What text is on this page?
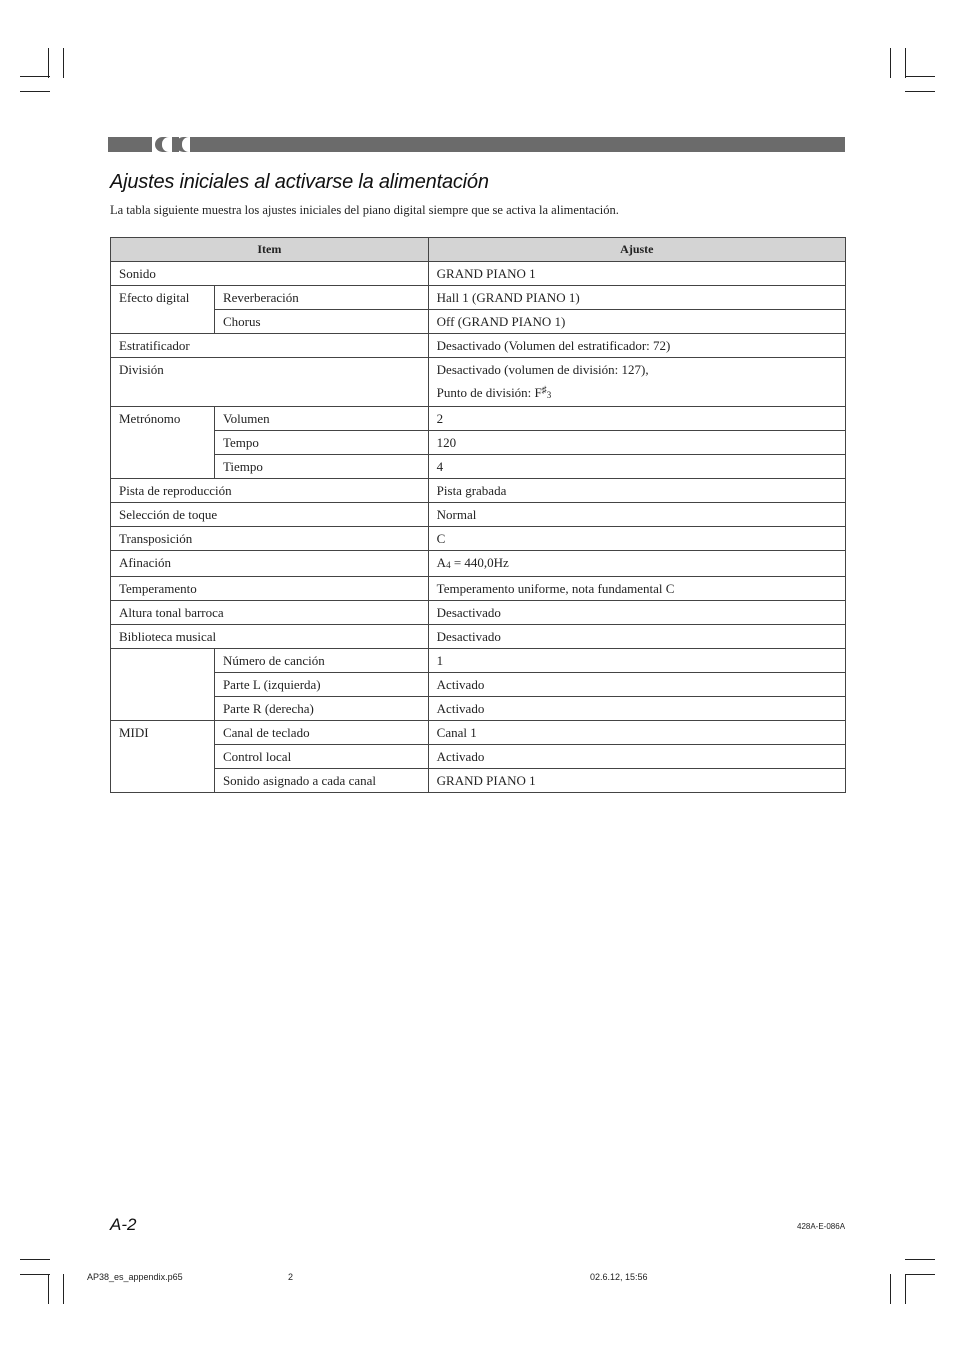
Ajustes iniciales al activarse la alimentación

La tabla siguiente muestra los ajustes iniciales del piano digital siempre que se activa la alimentación.

Item		Ajuste
Sonido		GRAND PIANO 1
Efecto digital	Reverberación	Hall 1 (GRAND PIANO 1)
	Chorus	Off (GRAND PIANO 1)
Estratificador		Desactivado (Volumen del estratificador: 72)
División		Desactivado (volumen de división: 127),
Punto de división: $F^♯_3$

Metrónomo	Volumen	2
	Tempo	120
	Tiempo	4
Pista de reproducción		Pista grabada
Selección de toque		Normal
Transposición		C
Afinación		$A_4 = 440,0Hz$
Temperamento		Temperamento uniforme, nota fundamental C
Altura tonal barroca		Desactivado
Biblioteca musical		Desactivado
	Número de canción	1
	Parte L (izquierda)	Activado
	Parte R (derecha)	Activado
MIDI	Canal de teclado	Canal 1
	Control local	Activado
	Sonido asignado a cada canal	GRAND PIANO 1
A-2	428A-E-086A
AP38_es_appendix.p65	2	02.6.12, 15:56
